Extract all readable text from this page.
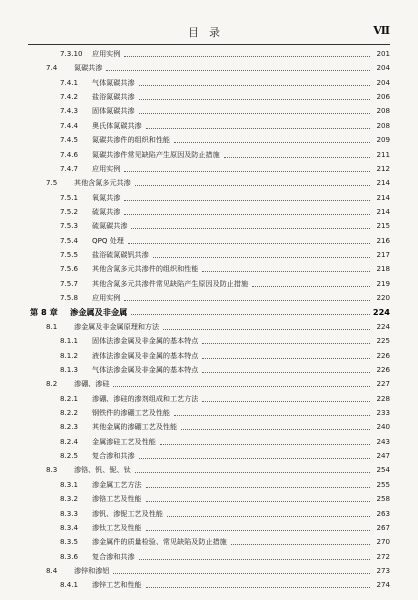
目录	Ⅶ
7.3.10 应用实例	201
7.4 氮碳共渗	204
7.4.1 气体氮碳共渗	204
7.4.2 盐浴氮碳共渗	206
7.4.3 固体氮碳共渗	208
7.4.4 奥氏体氮碳共渗	208
7.4.5 氮碳共渗件的组织和性能	209
7.4.6 氮碳共渗件常见缺陷产生原因及防止措施	211
7.4.7 应用实例	212
7.5 其他含氮多元共渗	214
7.5.1 氧氮共渗	214
7.5.2 硫氮共渗	214
7.5.3 硫氮碳共渗	215
7.5.4 QPQ 处理	216
7.5.5 盐浴硫氮碳钒共渗	217
7.5.6 其他含氮多元共渗件的组织和性能	218
7.5.7 其他含氮多元共渗件常见缺陷产生原因及防止措施	219
7.5.8 应用实例	220
第 8 章 渗金属及非金属	224
8.1 渗金属及非金属原理和方法	224
8.1.1 固体法渗金属及非金属的基本特点	225
8.1.2 液体法渗金属及非金属的基本特点	226
8.1.3 气体法渗金属及非金属的基本特点	226
8.2 渗硼、渗硅	227
8.2.1 渗硼、渗硅的渗剂组成和工艺方法	228
8.2.2 钢铁件的渗硼工艺及性能	233
8.2.3 其他金属的渗硼工艺及性能	240
8.2.4 金属渗硅工艺及性能	243
8.2.5 复合渗和共渗	247
8.3 渗铬、钒、铌、钛	254
8.3.1 渗金属工艺方法	255
8.3.2 渗铬工艺及性能	258
8.3.3 渗钒、渗铌工艺及性能	263
8.3.4 渗钛工艺及性能	267
8.3.5 渗金属件的质量检验、常见缺陷及防止措施	270
8.3.6 复合渗和共渗	272
8.4 渗锌和渗铝	273
8.4.1 渗锌工艺和性能	274
